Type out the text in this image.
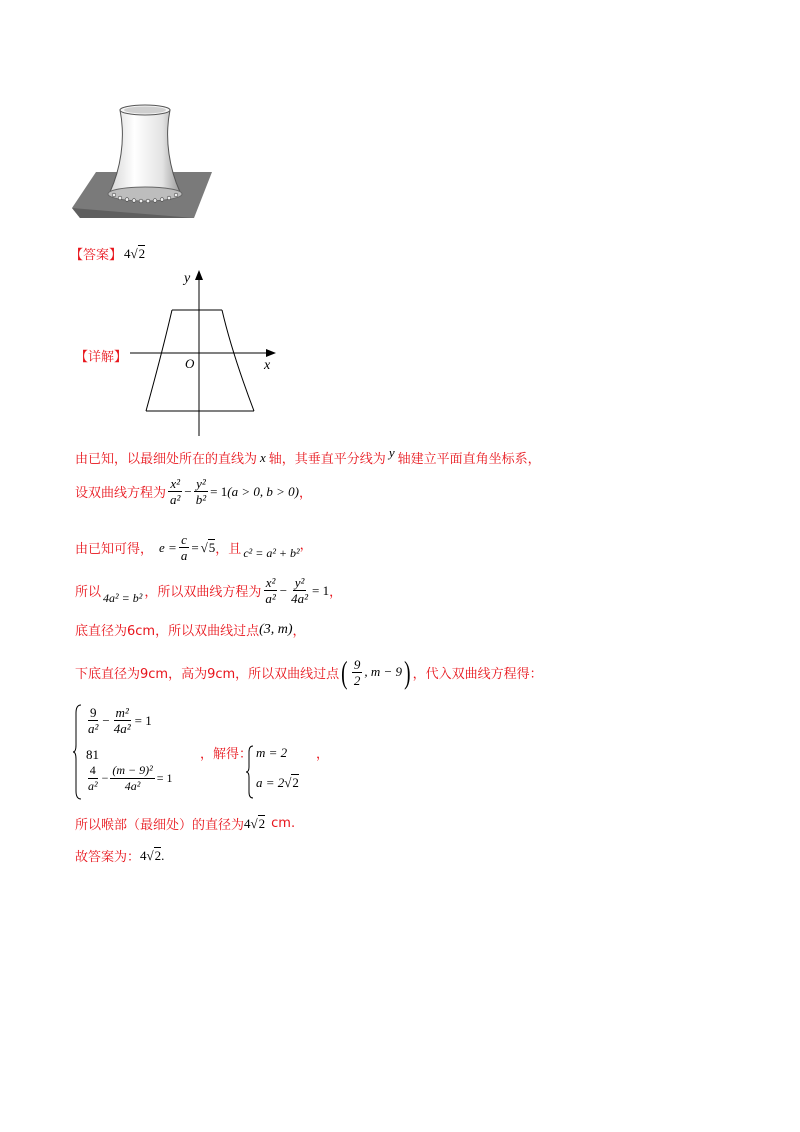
【答案】 4 √2
【详解】
y
x
O
由已知，以最细处所在的直线为 x 轴，其垂直平分线为 y 轴建立平面直角坐标系，
设双曲线方程为 $\frac{\text{x²}}{\text{a²}} - \frac{\text{y²}}{\text{b²}} = 1$ (a > 0, b > 0) ，
由已知可得， $e = \frac{c}{a} = √5$ ，且 c² = a² + b² ，
所以 4a² = b² ，所以双曲线方程为 $\frac{\text{x²}}{\text{a²}} - \frac{\text{y²}}{\text{4a²}} = 1$ ，
底直径为6cm，所以双曲线过点 (3, m) ，
下底直径为9cm，高为9cm，所以双曲线过点 ( $\frac{9}{2}$ , m − 9 ) ，代入双曲线方程得：
$\frac{9}{\text{a²}} - \frac{\text{m²}}{\text{4a²}} = 1$
81
$\frac{4}{\text{a²}} - \frac{\text{(m − 9)²}}{\text{4a²}} = 1$
，解得： m = 2
a = 2 √2
，
所以喉部（最细处）的直径为 4 √2 cm.
故答案为： 4 √2 .
